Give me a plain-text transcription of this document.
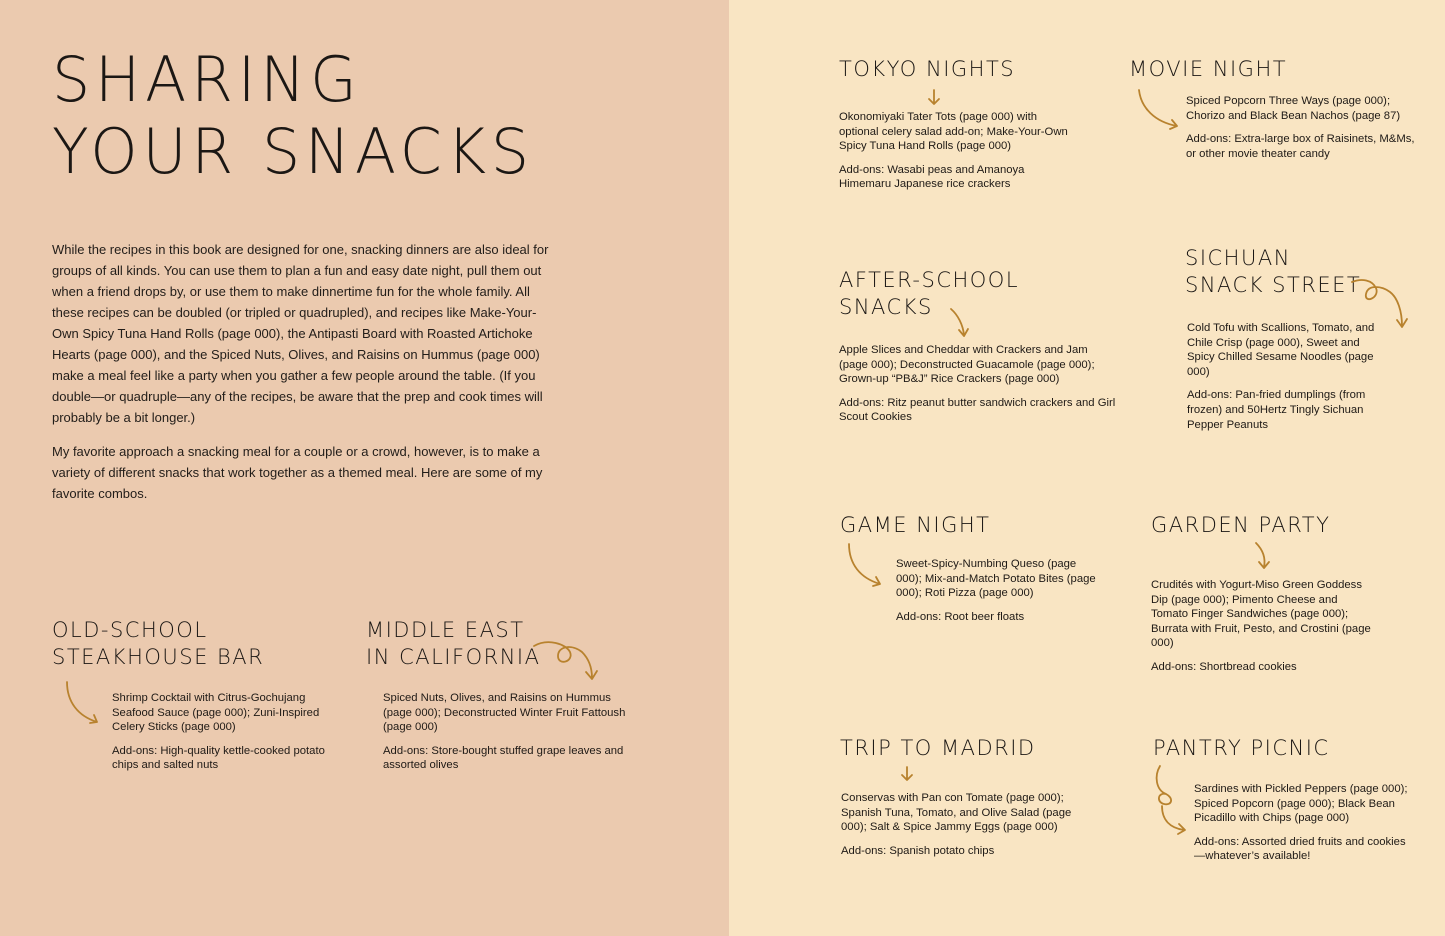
SHARING
YOUR SNACKS

While the recipes in this book are designed for one, snacking dinners are also ideal for groups of all kinds. You can use them to plan a fun and easy date night, pull them out when a friend drops by, or use them to make dinnertime fun for the whole family. All these recipes can be doubled (or tripled or quadrupled), and recipes like Make-Your-Own Spicy Tuna Hand Rolls (page 000), the Antipasti Board with Roasted Artichoke Hearts (page 000), and the Spiced Nuts, Olives, and Raisins on Hummus (page 000) make a meal feel like a party when you gather a few people around the table. (If you double—or quadruple—any of the recipes, be aware that the prep and cook times will probably be a bit longer.)

My favorite approach a snacking meal for a couple or a crowd, however, is to make a variety of different snacks that work together as a themed meal. Here are some of my favorite combos.

OLD-SCHOOL
STEAKHOUSE BAR

Shrimp Cocktail with Citrus-Gochujang Seafood Sauce (page 000); Zuni-Inspired Celery Sticks (page 000)

Add-ons: High-quality kettle-cooked potato chips and salted nuts

MIDDLE EAST
IN CALIFORNIA

Spiced Nuts, Olives, and Raisins on Hummus (page 000); Deconstructed Winter Fruit Fattoush (page 000)

Add-ons: Store-bought stuffed grape leaves and assorted olives

TOKYO NIGHTS

Okonomiyaki Tater Tots (page 000) with optional celery salad add-on; Make-Your-Own Spicy Tuna Hand Rolls (page 000)

Add-ons: Wasabi peas and Amanoya Himemaru Japanese rice crackers

MOVIE NIGHT

Spiced Popcorn Three Ways (page 000); Chorizo and Black Bean Nachos (page 87)

Add-ons: Extra-large box of Raisinets, M&Ms, or other movie theater candy

AFTER-SCHOOL
SNACKS

Apple Slices and Cheddar with Crackers and Jam (page 000); Deconstructed Guacamole (page 000); Grown-up “PB&J” Rice Crackers (page 000)

Add-ons: Ritz peanut butter sandwich crackers and Girl Scout Cookies

SICHUAN
SNACK STREET

Cold Tofu with Scallions, Tomato, and Chile Crisp (page 000), Sweet and Spicy Chilled Sesame Noodles (page 000)

Add-ons: Pan-fried dumplings (from frozen) and 50Hertz Tingly Sichuan Pepper Peanuts

GAME NIGHT

Sweet-Spicy-Numbing Queso (page 000); Mix-and-Match Potato Bites (page 000); Roti Pizza (page 000)

Add-ons: Root beer floats

GARDEN PARTY

Crudités with Yogurt-Miso Green Goddess Dip (page 000); Pimento Cheese and Tomato Finger Sandwiches (page 000); Burrata with Fruit, Pesto, and Crostini (page 000)

Add-ons: Shortbread cookies

TRIP TO MADRID

Conservas with Pan con Tomate (page 000); Spanish Tuna, Tomato, and Olive Salad (page 000); Salt & Spice Jammy Eggs (page 000)

Add-ons: Spanish potato chips

PANTRY PICNIC

Sardines with Pickled Peppers (page 000); Spiced Popcorn (page 000); Black Bean Picadillo with Chips (page 000)

Add-ons: Assorted dried fruits and cookies—whatever’s available!
